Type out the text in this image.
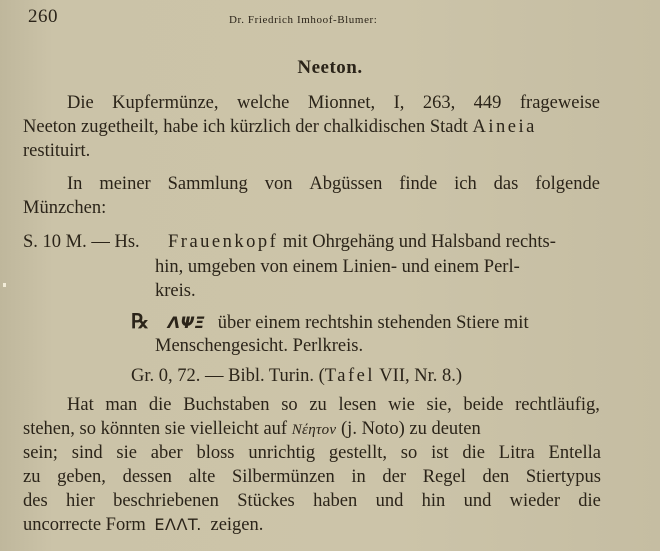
260	Dr. Friedrich Imhoof-Blumer:
Neeton.
Die Kupfermünze, welche Mionnet, I, 263, 449 frageweise
Neeton zugetheilt, habe ich kürzlich der chalkidischen Stadt Aineia
restituirt.
In meiner Sammlung von Abgüssen finde ich das folgende
Münzchen:
S. 10 M. — Hs. Frauenkopf mit Ohrgehäng und Halsband rechts-
hin, umgeben von einem Linien- und einem Perl-
kreis.
℞ ΛΨΞ über einem rechtshin stehenden Stiere mit
Menschengesicht. Perlkreis.
Gr. 0, 72. — Bibl. Turin. (Tafel VII, Nr. 8.)
Hat man die Buchstaben so zu lesen wie sie, beide rechtläufig,
stehen, so könnten sie vielleicht auf Νέητον (j. Noto) zu deuten
sein; sind sie aber bloss unrichtig gestellt, so ist die Litra Entella
zu geben, dessen alte Silbermünzen in der Regel den Stiertypus
des hier beschriebenen Stückes haben und hin und wieder die
uncorrecte Form EΛΛT. zeigen.
